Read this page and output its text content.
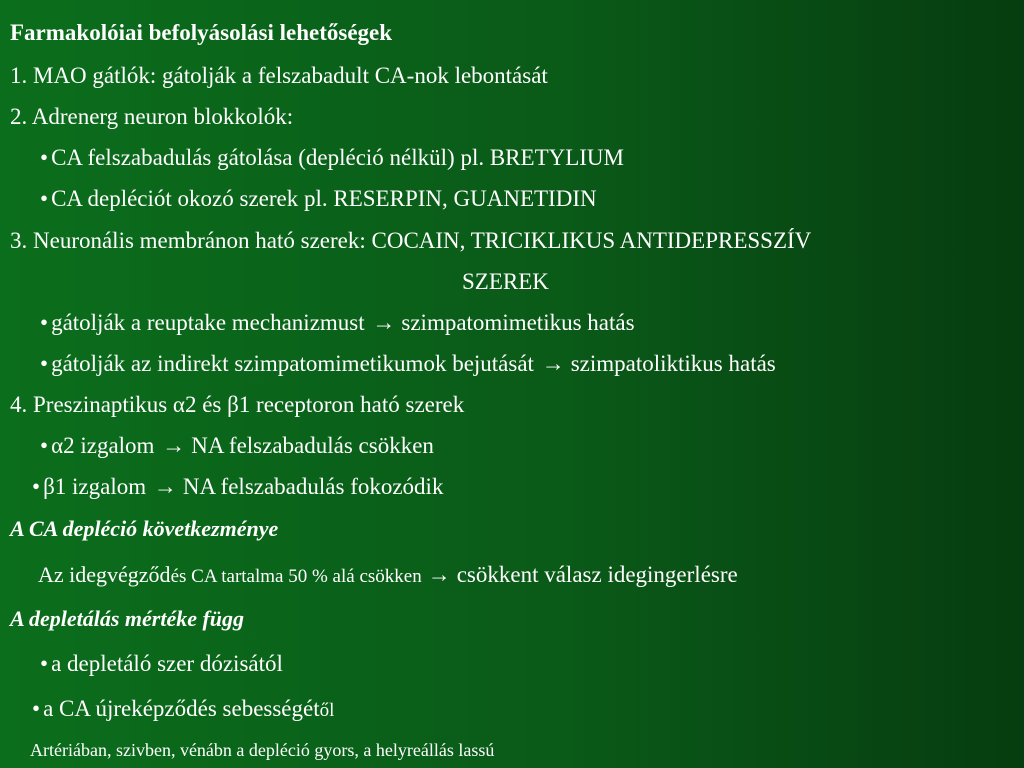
Farmakolóiai befolyásolási lehetőségek
1. MAO gátlók: gátolják a felszabadult CA-nok lebontását
2. Adrenerg neuron blokkolók:
• CA felszabadulás gátolása (depléció nélkül) pl. BRETYLIUM
• CA depléciót okozó szerek pl. RESERPIN, GUANETIDIN
3. Neuronális membránon ható szerek: COCAIN, TRICIKLIKUS ANTIDEPRESSZÍV
SZEREK
• gátolják a reuptake mechanizmust → szimpatomimetikus hatás
• gátolják az indirekt szimpatomimetikumok bejutását → szimpatoliktikus hatás
4. Preszinaptikus α2 és β1 receptoron ható szerek
• α2 izgalom → NA felszabadulás csökken
• β1 izgalom → NA felszabadulás fokozódik
A CA depléció következménye
Az idegvégződés CA tartalma 50 % alá csökken → csökkent válasz idegingerlésre
A depletálás mértéke függ
• a depletáló szer dózisától
• a CA újreképződés sebességétől
Artériában, szivben, vénábn a depléció gyors, a helyreállás lassú
